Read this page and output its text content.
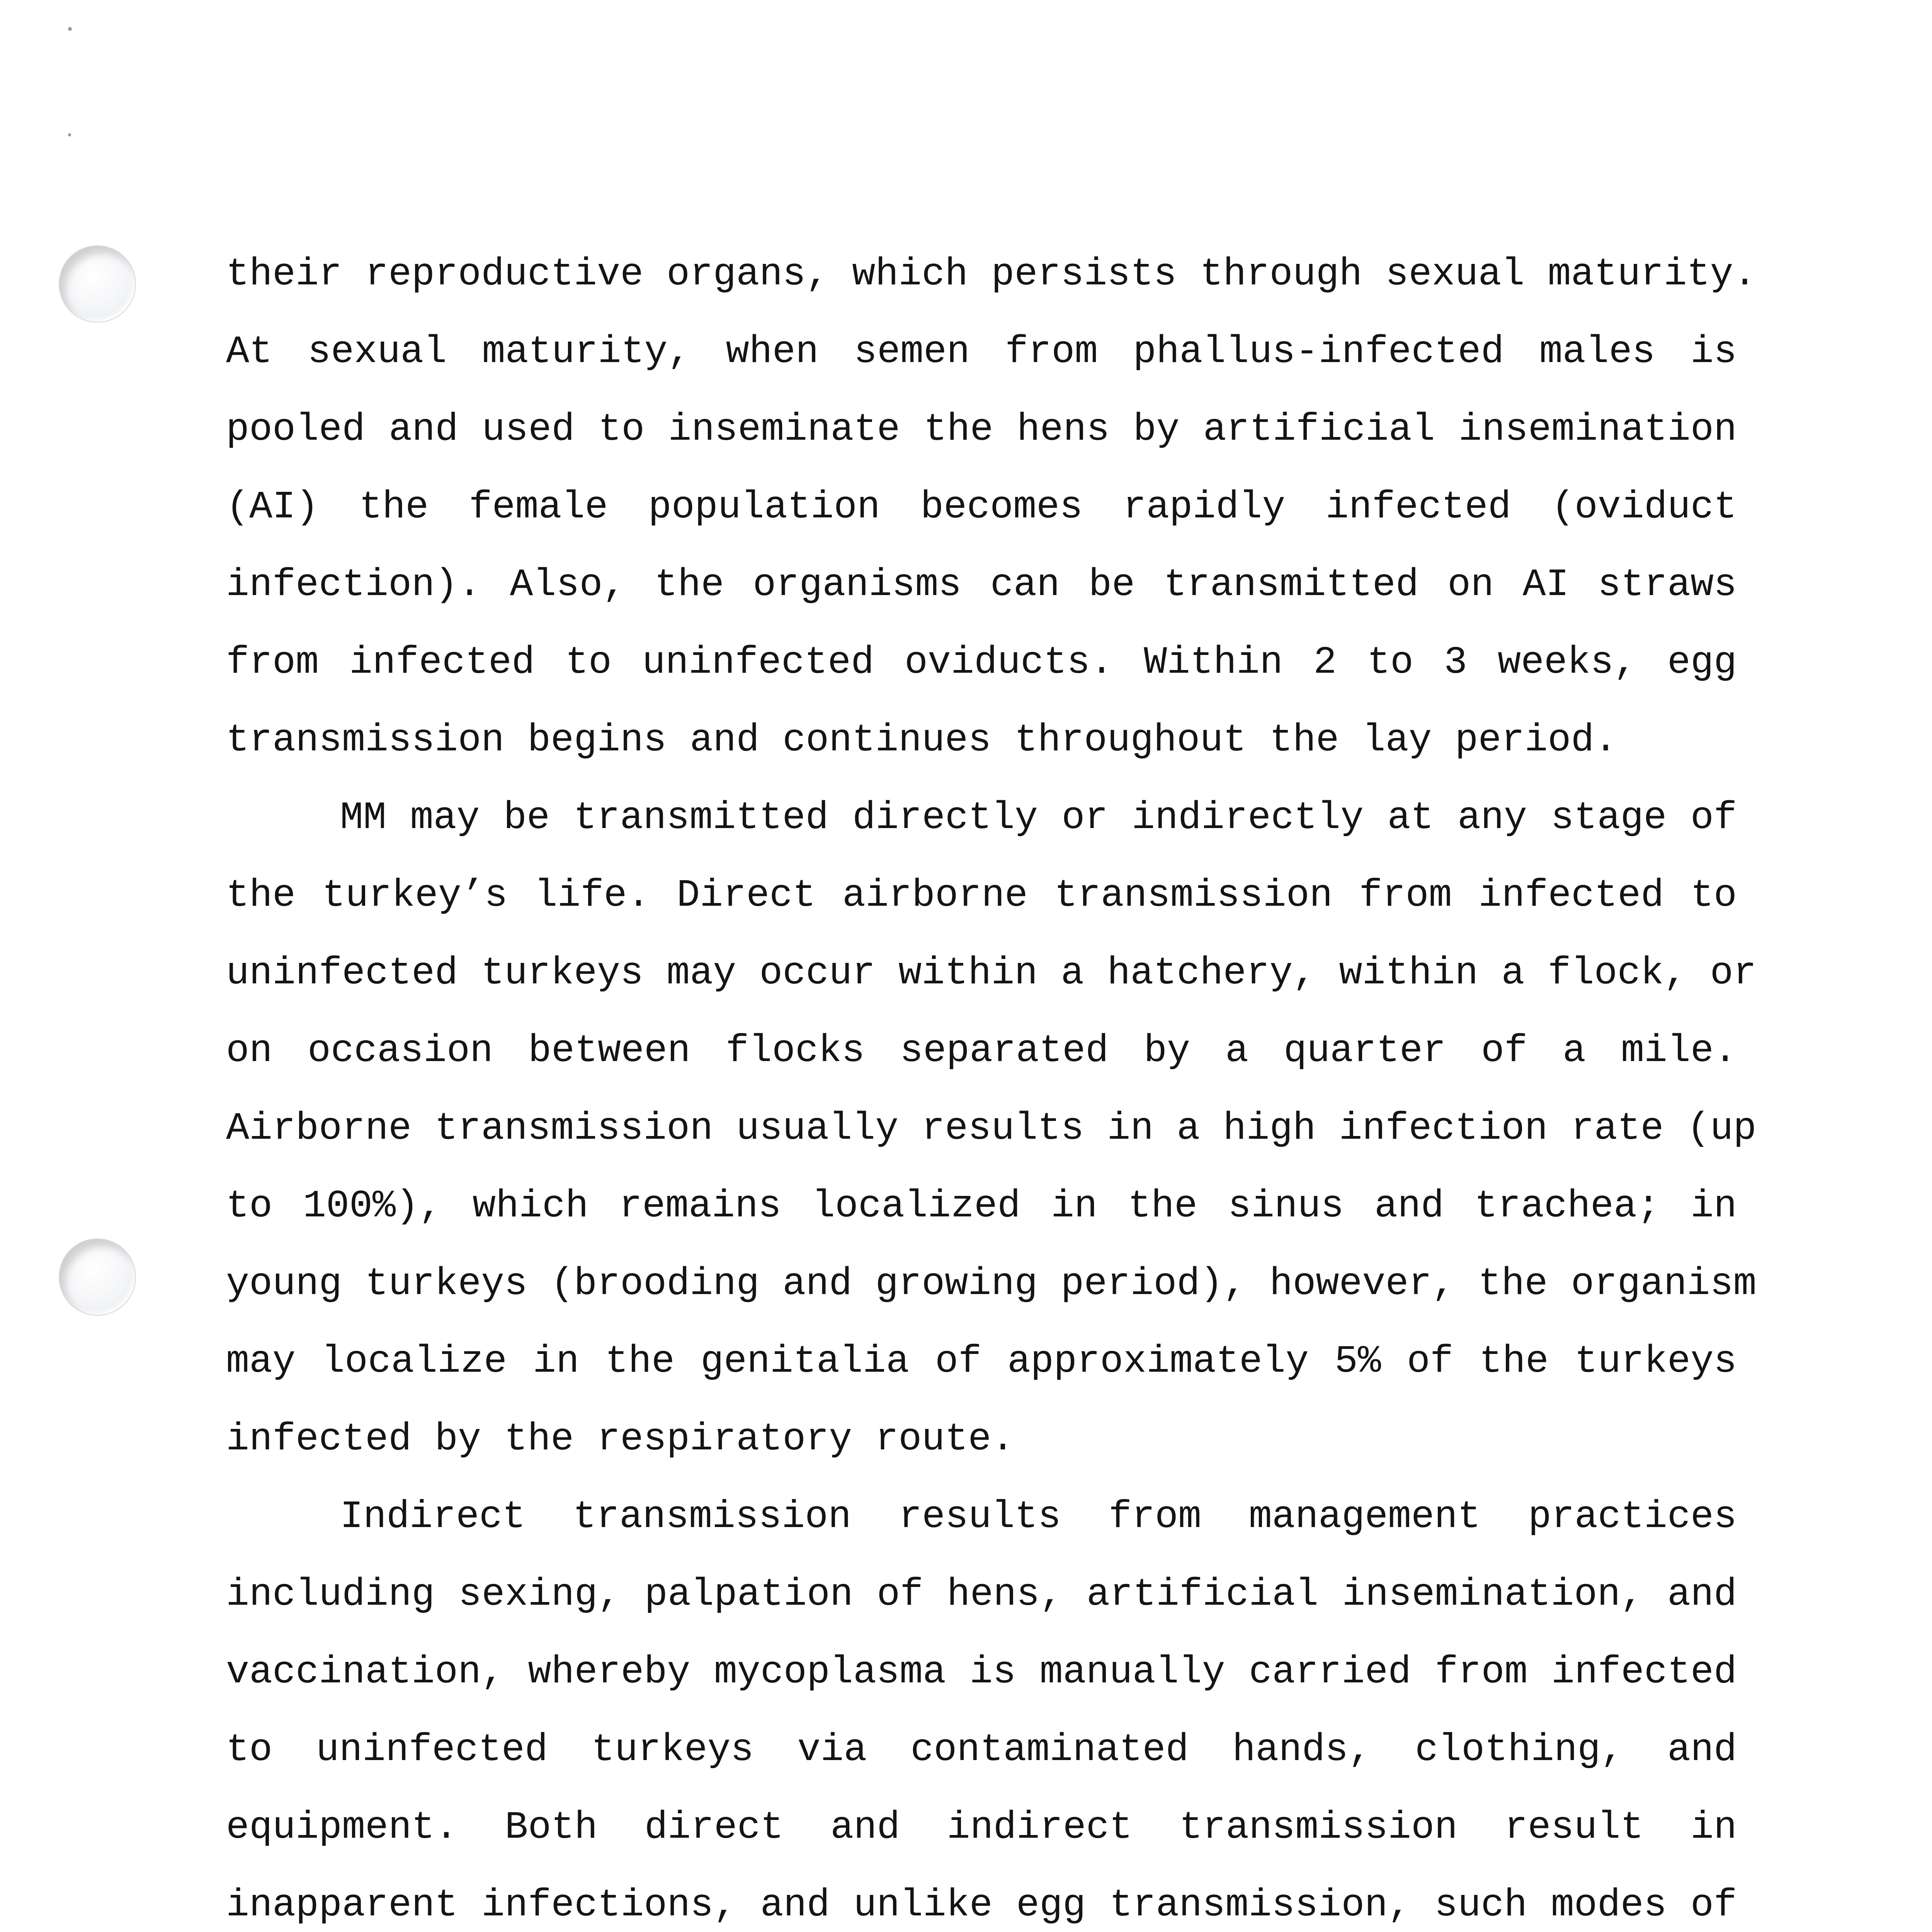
their reproductive organs, which persists through sexual maturity.
At sexual maturity, when semen from phallus-infected males is
pooled and used to inseminate the hens by artificial insemination
(AI) the female population becomes rapidly infected (oviduct
infection). Also, the organisms can be transmitted on AI straws
from infected to uninfected oviducts. Within 2 to 3 weeks, egg
transmission begins and continues throughout the lay period.
MM may be transmitted directly or indirectly at any stage of
the turkey’s life. Direct airborne transmission from infected to
uninfected turkeys may occur within a hatchery, within a flock, or
on occasion between flocks separated by a quarter of a mile.
Airborne transmission usually results in a high infection rate (up
to 100%), which remains localized in the sinus and trachea; in
young turkeys (brooding and growing period), however, the organism
may localize in the genitalia of approximately 5% of the turkeys
infected by the respiratory route.
Indirect transmission results from management practices
including sexing, palpation of hens, artificial insemination, and
vaccination, whereby mycoplasma is manually carried from infected
to uninfected turkeys via contaminated hands, clothing, and
equipment. Both direct and indirect transmission result in
inapparent infections, and unlike egg transmission, such modes of
